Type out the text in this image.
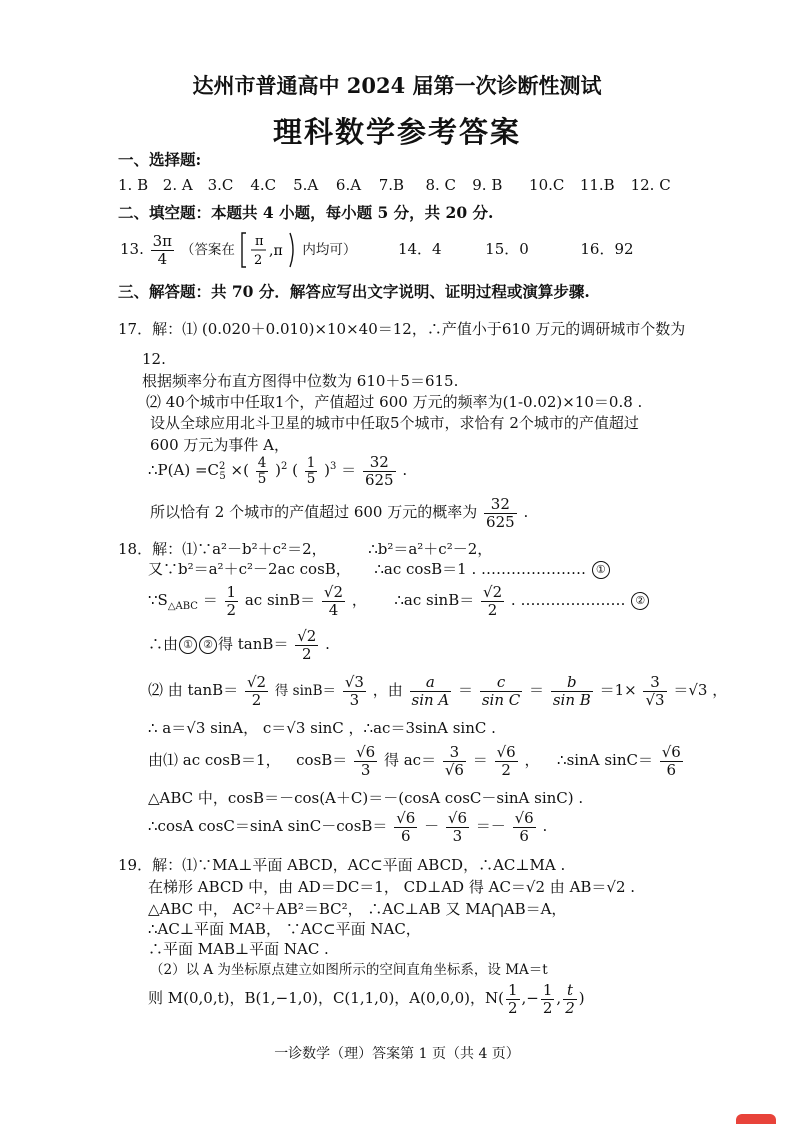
达州市普通高中 2024 届第一次诊断性测试
理科数学参考答案
一、选择题:
1. B 2. A 3.C 4.C 5.A 6.A 7.B 8. C 9. B 10.C 11.B 12. C
二、填空题：本题共 4 小题，每小题 5 分，共 20 分.
13. $\frac{3\pi}{4}$ （答案在
π
2
,π 内均可）	14．4	15．0	16．92
三、解答题：共 70 分．解答应写出文字说明、证明过程或演算步骤.
17．解：⑴ (0.020＋0.010)×10×40＝12，∴产值小于610 万元的调研城市个数为
12.
根据频率分布直方图得中位数为 610＋5＝615.
⑵ 40个城市中任取1个，产值超过 600 万元的频率为(1-0.02)×10＝0.8 .
设从全球应用北斗卫星的城市中任取5个城市，求恰有 2个城市的产值超过
600 万元为事件 A，
∴P(A) $=C^2_5$ ×( $\frac{4}{5} )^2$ ( $\frac{1}{5} )^3 = \frac{32}{625}$ .
所以恰有 2 个城市的产值超过 600 万元的概率为 $\frac{32}{625}$ .
18．解：⑴∵a²－b²＋c²＝2，	∴b²＝a²＋c²－2，
又∵b²＝a²＋c²－2ac cosB， ∴ac cosB＝1 . ………………… ①
$\because S_{\triangle ABC} = \frac{1}{2}$ ac $\sin B= \frac{√2}{4}$ ， ∴ac $\sin B= \frac{√2}{2}$ . ………………… ②
∴由 ① ② 得 $\tan B= \frac{√2}{2}$ .
⑵ 由 $\tan B= \frac{√2}{2}$ 得 $\sin B= \frac{√3}{3}$ ，由 $\frac{a}{\text{sin A}} = \frac{c}{\text{sin C}} = \frac{b}{\text{sin B}} =1\times \frac{3}{√3} =√3$ ，
∴ a＝√3 sinA， c＝√3 sinC ，∴ac＝3sinA sinC .
由⑴ ac cosB＝1， $\cos B= \frac{√6}{3}$ 得 $ac= \frac{3}{√6} = \frac{√6}{2}$ ， ∴sinA $\sin C= \frac{√6}{6}$
△ABC 中，cosB＝－cos(A＋C)＝－(cosA cosC－sinA sinC) .
∴cosA cosC＝sinA $\sin C-\cos B= \frac{√6}{6} - \frac{√6}{3} =- \frac{√6}{6}$ .
19．解：⑴∵MA⊥平面 ABCD，AC⊂平面 ABCD，∴AC⊥MA .
在梯形 ABCD 中，由 AD＝DC＝1， CD⊥AD 得 AC＝√2 由 AB＝√2 .
△ABC 中， AC²＋AB²＝BC²， ∴AC⊥AB 又 MA⋂AB＝A，
∴AC⊥平面 MAB， ∵AC⊂平面 NAC，
∴平面 MAB⊥平面 NAC .
（2）以 A 为坐标原点建立如图所示的空间直角坐标系，设 MA＝t
则 M(0,0,t)，B(1,−1,0)，C(1,1,0)，A(0,0,0)，$N( \frac{1}{2}$ ,− $\frac{1}{2}$ , $\frac{t}{2}$ )
一诊数学（理）答案第 1 页（共 4 页）
